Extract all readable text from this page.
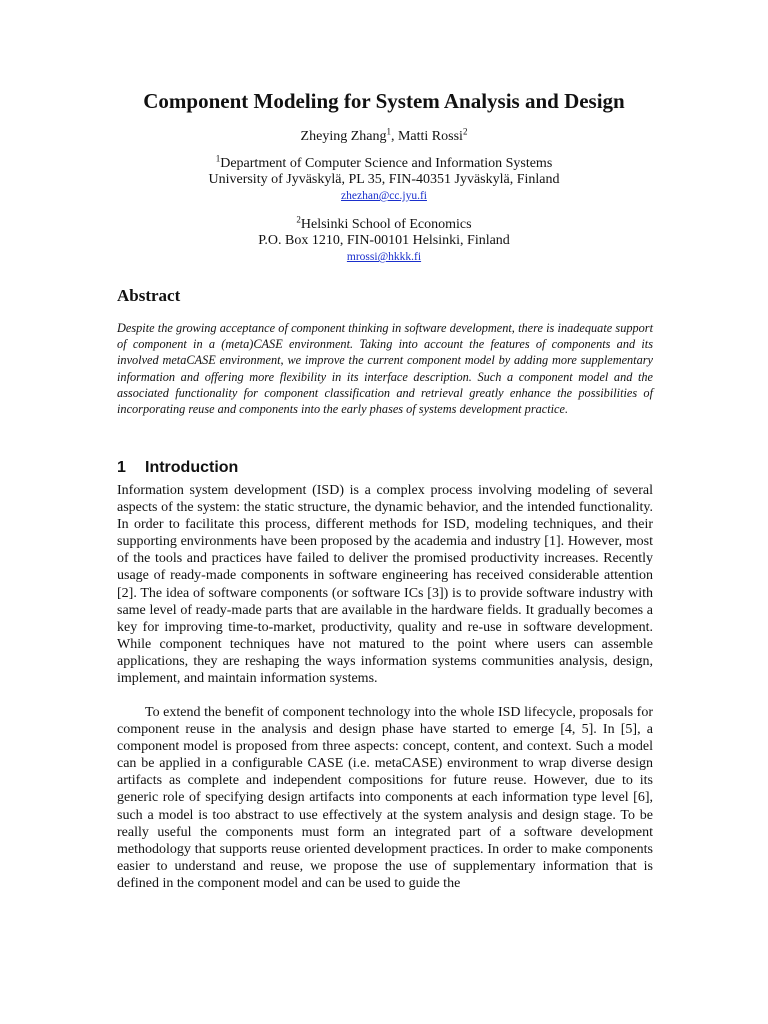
Component Modeling for System Analysis and Design
Zheying Zhang$^1$, Matti Rossi$^2$
$^1$Department of Computer Science and Information Systems
University of Jyväskylä, PL 35, FIN-40351 Jyväskylä, Finland
zhezhan@cc.jyu.fi
$^2$Helsinki School of Economics
P.O. Box 1210, FIN-00101 Helsinki, Finland
mrossi@hkkk.fi
Abstract

Despite the growing acceptance of component thinking in software development, there is inadequate support of component in a (meta)CASE environment. Taking into account the features of components and its involved metaCASE environment, we improve the current component model by adding more supplementary information and offering more flexibility in its interface description. Such a component model and the associated functionality for component classification and retrieval greatly enhance the possibilities of incorporating reuse and components into the early phases of systems development practice.

1 Introduction

Information system development (ISD) is a complex process involving modeling of several aspects of the system: the static structure, the dynamic behavior, and the intended functionality. In order to facilitate this process, different methods for ISD, modeling techniques, and their supporting environments have been proposed by the academia and industry [1]. However, most of the tools and practices have failed to deliver the promised productivity increases. Recently usage of ready-made components in software engineering has received considerable attention [2]. The idea of software components (or software ICs [3]) is to provide software industry with same level of ready-made parts that are available in the hardware fields. It gradually becomes a key for improving time-to-market, productivity, quality and re-use in software development. While component techniques have not matured to the point where users can assemble applications, they are reshaping the ways information systems communities analysis, design, implement, and maintain information systems.

To extend the benefit of component technology into the whole ISD lifecycle, proposals for component reuse in the analysis and design phase have started to emerge [4, 5]. In [5], a component model is proposed from three aspects: concept, content, and context. Such a model can be applied in a configurable CASE (i.e. metaCASE) environment to wrap diverse design artifacts as complete and independent compositions for future reuse. However, due to its generic role of specifying design artifacts into components at each information type level [6], such a model is too abstract to use effectively at the system analysis and design stage. To be really useful the components must form an integrated part of a software development methodology that supports reuse oriented development practices. In order to make components easier to understand and reuse, we propose the use of supplementary information that is defined in the component model and can be used to guide the
